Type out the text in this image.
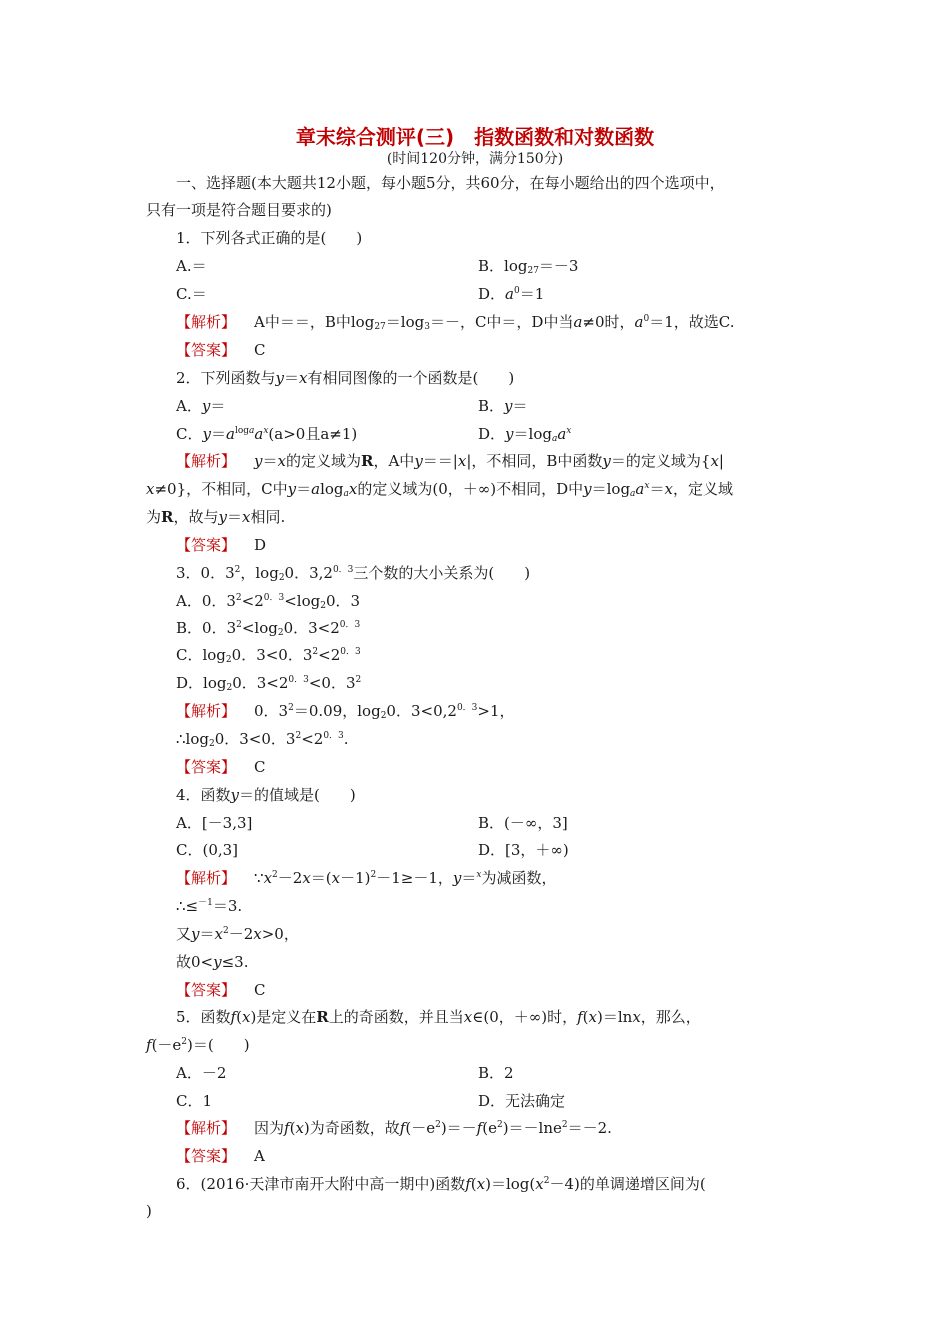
章末综合测评(三)　指数函数和对数函数
(时间120分钟，满分150分)
一、选择题(本大题共12小题，每小题5分，共60分，在每小题给出的四个选项中，
只有一项是符合题目要求的)
1．下列各式正确的是(　　)
A.＝	B．$\log_{27}=-3$
C.＝	D．$a^0=1$
【解析】 A中＝＝，B中$\log_{27}=\log_3=-$，C中＝，D中当a≠0时，$a^0=1$，故选C.
【答案】 C
2．下列函数与y＝x有相同图像的一个函数是(　　)
A．y＝	B．y＝
C．$y=a^{loga}a^x(a>0$且a≠1)	D．$y=\log_aa^x$
【解析】 y＝x的定义域为R，A中y＝＝|x|，不相同，B中函数y＝的定义域为{x|
x≠0}，不相同，C中y＝alog$_a$x的定义域为(0，＋∞)不相同，D中$y=\log_aa^x=x$，定义域
为R，故与y＝x相同.
【答案】 D
3．0．$3^2$，$\log_20$．$3,2^{0.3}$三个数的大小关系为(　　)
A．0．$3^2<2^{0.3}<\log_20$．3
B．0．$3^2<\log_20$．$3<2^{0.3}$
C．$\log_20$．3<0．$3^2<2^{0.3}$
D．$\log_20$．$3<2^{0.3}<0$．$3^2$
【解析】 0．$3^2=0.09$，$\log_20$．$3<0,2^{0.3}>1$，
$\therefore\log_20$．3<0．$3^2<2^{0.3}$.
【答案】 C
4．函数y＝的值域是(　　)
A．[－3,3]	B．(－∞，3]
C．(0,3]	D．[3，＋∞)
【解析】 $\because x^2-2x=(x-1)^2-1\ge-1$，y＝$^x$为减函数，
∴≤$^{-1}$＝3.
又$y=x^2-2x>0$，
故0<y≤3.
【答案】 C
5．函数f(x)是定义在R上的奇函数，并且当x∈(0，＋∞)时，f(x)＝lnx，那么，
$f(-e^2)=$(　　)
A．－2	B．2
C．1	D．无法确定
【解析】 因为f(x)为奇函数，故$f(-e^2)=-f(e^2)=-\ln e^2=-2$.
【答案】 A
6．(2016·天津市南开大附中高一期中)函数$f(x)=\log(x^2-4)$的单调递增区间为(
)
